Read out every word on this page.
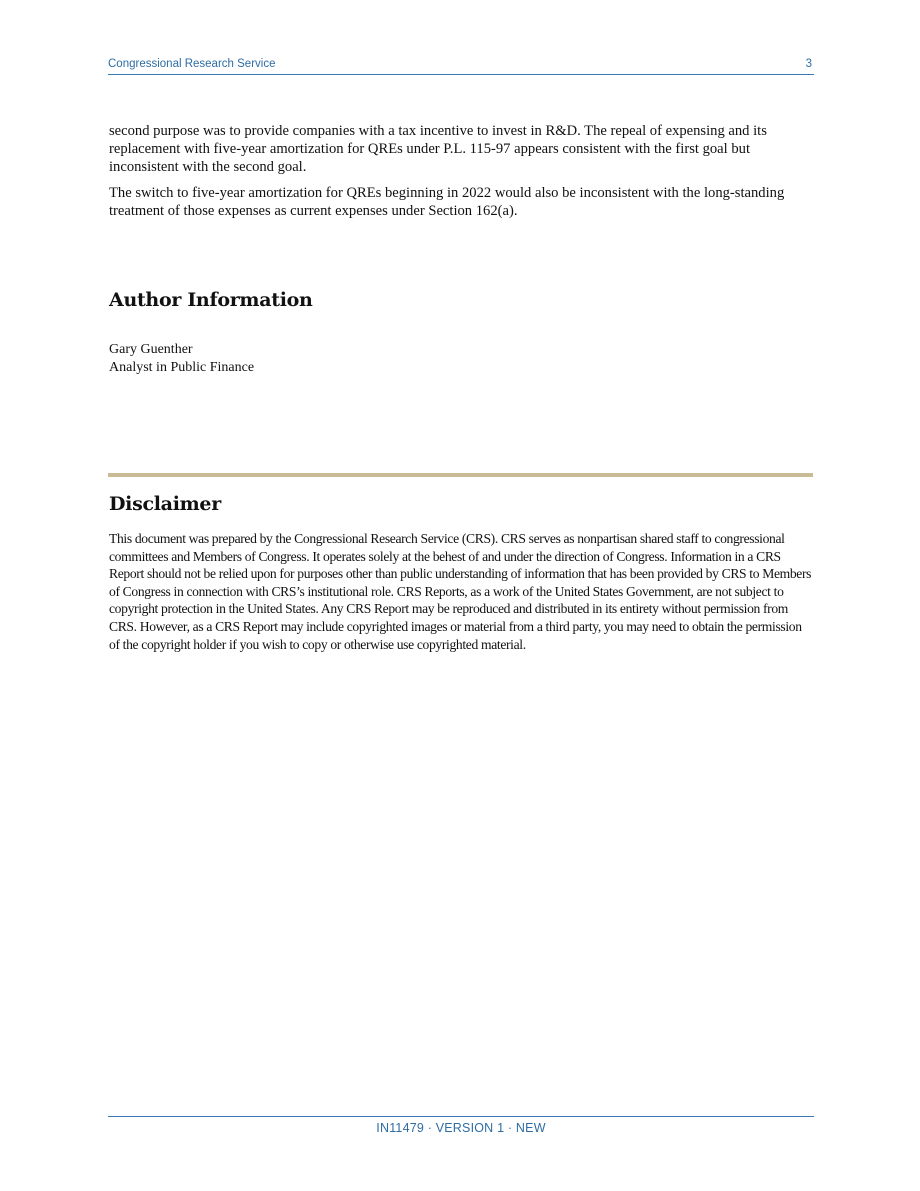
Congressional Research Service	3

second purpose was to provide companies with a tax incentive to invest in R&D. The repeal of expensing and its replacement with five-year amortization for QREs under P.L. 115-97 appears consistent with the first goal but inconsistent with the second goal.

The switch to five-year amortization for QREs beginning in 2022 would also be inconsistent with the long-standing treatment of those expenses as current expenses under Section 162(a).

Author Information
Gary Guenther
Analyst in Public Finance
Disclaimer
This document was prepared by the Congressional Research Service (CRS). CRS serves as nonpartisan shared staff to congressional committees and Members of Congress. It operates solely at the behest of and under the direction of Congress. Information in a CRS Report should not be relied upon for purposes other than public understanding of information that has been provided by CRS to Members of Congress in connection with CRS’s institutional role. CRS Reports, as a work of the United States Government, are not subject to copyright protection in the United States. Any CRS Report may be reproduced and distributed in its entirety without permission from CRS. However, as a CRS Report may include copyrighted images or material from a third party, you may need to obtain the permission of the copyright holder if you wish to copy or otherwise use copyrighted material.
IN11479 · VERSION 1 · NEW
